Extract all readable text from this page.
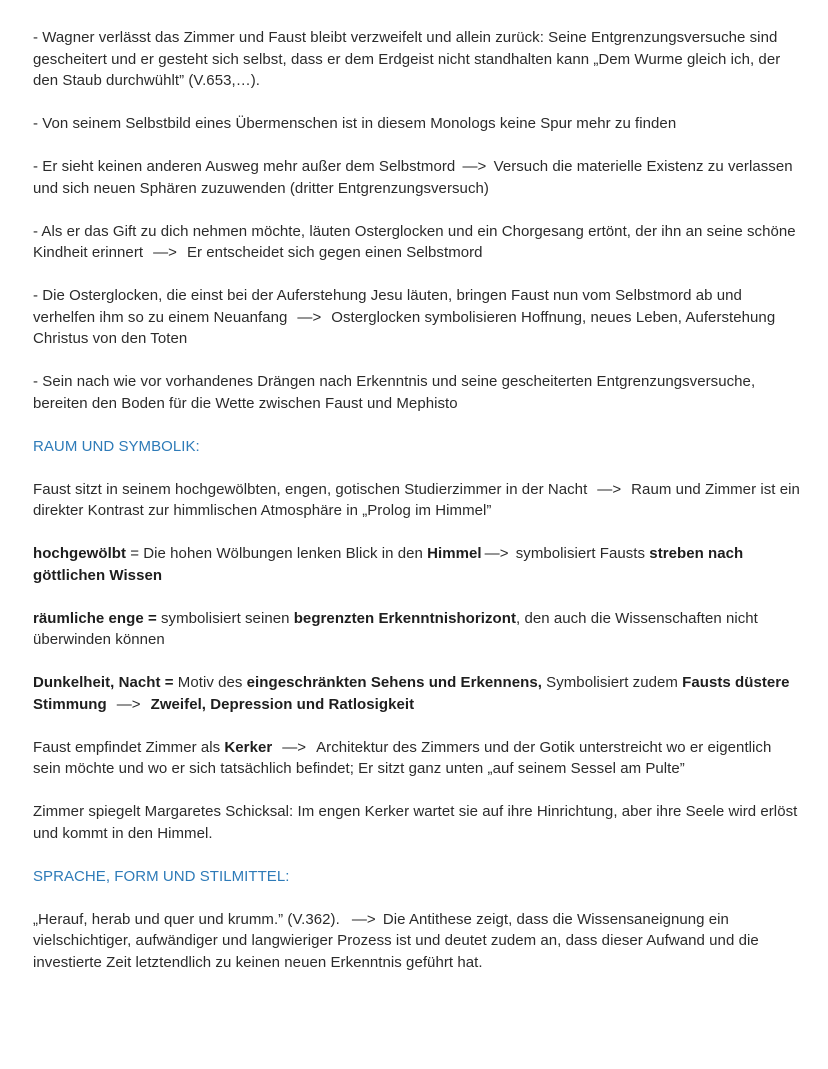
- Wagner verlässt das Zimmer und Faust bleibt verzweifelt und allein zurück: Seine Entgrenzungsversuche sind gescheitert und er gesteht sich selbst, dass er dem Erdgeist nicht standhalten kann „Dem Wurme gleich ich, der den Staub durchwühlt” (V.653,…).

- Von seinem Selbstbild eines Übermenschen ist in diesem Monologs keine Spur mehr zu finden

- Er sieht keinen anderen Ausweg mehr außer dem Selbstmord —> Versuch die materielle Existenz zu verlassen und sich neuen Sphären zuzuwenden (dritter Entgrenzungsversuch)

- Als er das Gift zu dich nehmen möchte, läuten Osterglocken und ein Chorgesang ertönt, der ihn an seine schöne Kindheit erinnert —> Er entscheidet sich gegen einen Selbstmord

- Die Osterglocken, die einst bei der Auferstehung Jesu läuten, bringen Faust nun vom Selbstmord ab und verhelfen ihm so zu einem Neuanfang —> Osterglocken symbolisieren Hoffnung, neues Leben, Auferstehung Christus von den Toten

- Sein nach wie vor vorhandenes Drängen nach Erkenntnis und seine gescheiterten Entgrenzungsversuche, bereiten den Boden für die Wette zwischen Faust und Mephisto

RAUM UND SYMBOLIK:

Faust sitzt in seinem hochgewölbten, engen, gotischen Studierzimmer in der Nacht —> Raum und Zimmer ist ein direkter Kontrast zur himmlischen Atmosphäre in „Prolog im Himmel”

hochgewölbt = Die hohen Wölbungen lenken Blick in den Himmel —> symbolisiert Fausts streben nach göttlichen Wissen

räumliche enge = symbolisiert seinen begrenzten Erkenntnishorizont, den auch die Wissenschaften nicht überwinden können

Dunkelheit, Nacht = Motiv des eingeschränkten Sehens und Erkennens, Symbolisiert zudem Fausts düstere Stimmung —> Zweifel, Depression und Ratlosigkeit

Faust empfindet Zimmer als Kerker —> Architektur des Zimmers und der Gotik unterstreicht wo er eigentlich sein möchte und wo er sich tatsächlich befindet; Er sitzt ganz unten „auf seinem Sessel am Pulte”

Zimmer spiegelt Margaretes Schicksal: Im engen Kerker wartet sie auf ihre Hinrichtung, aber ihre Seele wird erlöst und kommt in den Himmel.

SPRACHE, FORM UND STILMITTEL:

„Herauf, herab und quer und krumm.” (V.362). —> Die Antithese zeigt, dass die Wissensaneignung ein vielschichtiger, aufwändiger und langwieriger Prozess ist und deutet zudem an, dass dieser Aufwand und die investierte Zeit letztendlich zu keinen neuen Erkenntnis geführt hat.
